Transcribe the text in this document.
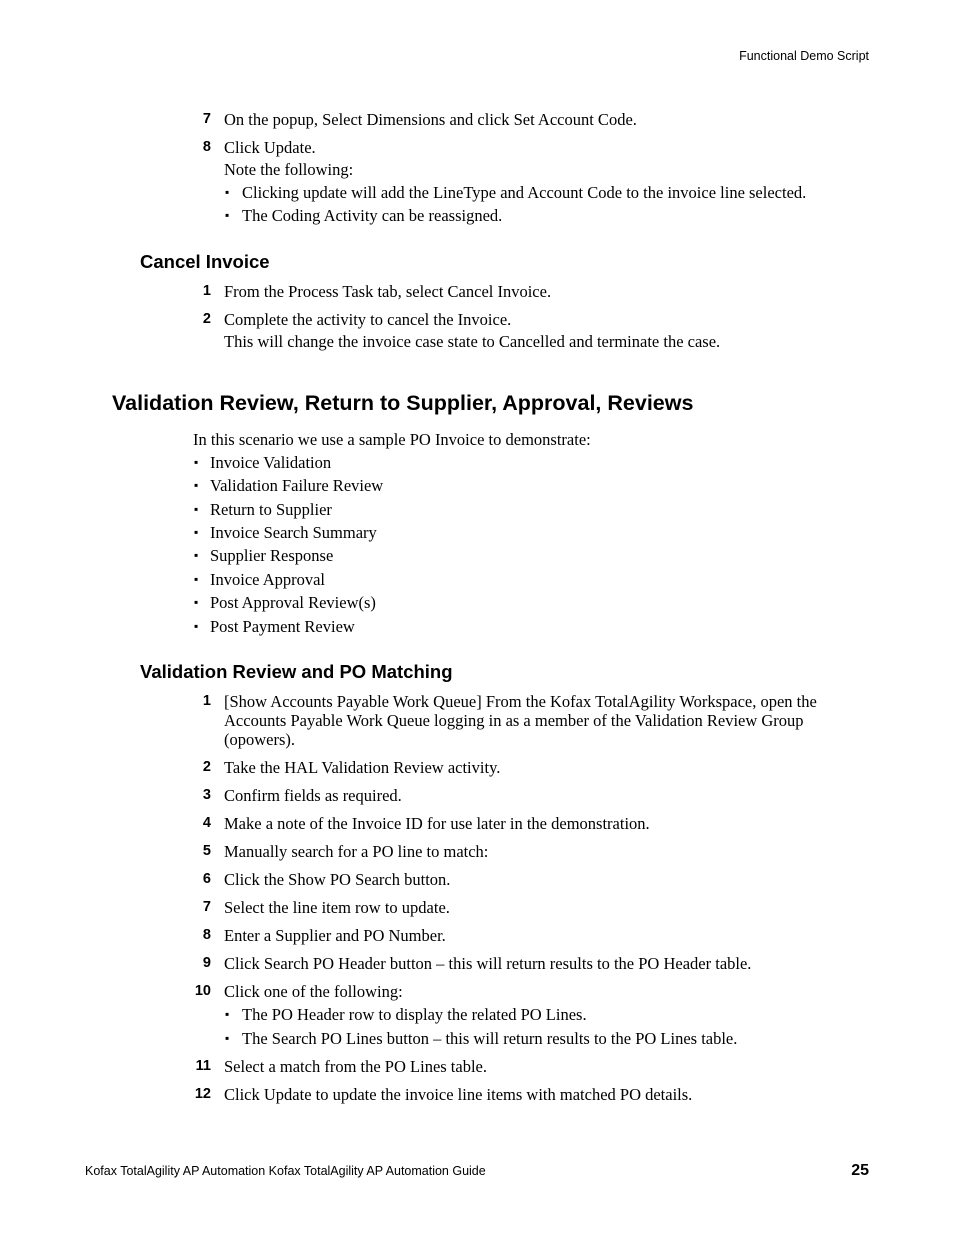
Functional Demo Script
7 On the popup, Select Dimensions and click Set Account Code.
8 Click Update.
Note the following:
▪ Clicking update will add the LineType and Account Code to the invoice line selected.
▪ The Coding Activity can be reassigned.
Cancel Invoice
1 From the Process Task tab, select Cancel Invoice.
2 Complete the activity to cancel the Invoice.
This will change the invoice case state to Cancelled and terminate the case.
Validation Review, Return to Supplier, Approval, Reviews
In this scenario we use a sample PO Invoice to demonstrate:
▪ Invoice Validation
▪ Validation Failure Review
▪ Return to Supplier
▪ Invoice Search Summary
▪ Supplier Response
▪ Invoice Approval
▪ Post Approval Review(s)
▪ Post Payment Review
Validation Review and PO Matching
1 [Show Accounts Payable Work Queue] From the Kofax TotalAgility Workspace, open the
Accounts Payable Work Queue logging in as a member of the Validation Review Group
(opowers).
2 Take the HAL Validation Review activity.
3 Confirm fields as required.
4 Make a note of the Invoice ID for use later in the demonstration.
5 Manually search for a PO line to match:
6 Click the Show PO Search button.
7 Select the line item row to update.
8 Enter a Supplier and PO Number.
9 Click Search PO Header button – this will return results to the PO Header table.
10 Click one of the following:
▪ The PO Header row to display the related PO Lines.
▪ The Search PO Lines button – this will return results to the PO Lines table.
11 Select a match from the PO Lines table.
12 Click Update to update the invoice line items with matched PO details.
Kofax TotalAgility AP Automation Kofax TotalAgility AP Automation Guide	25
